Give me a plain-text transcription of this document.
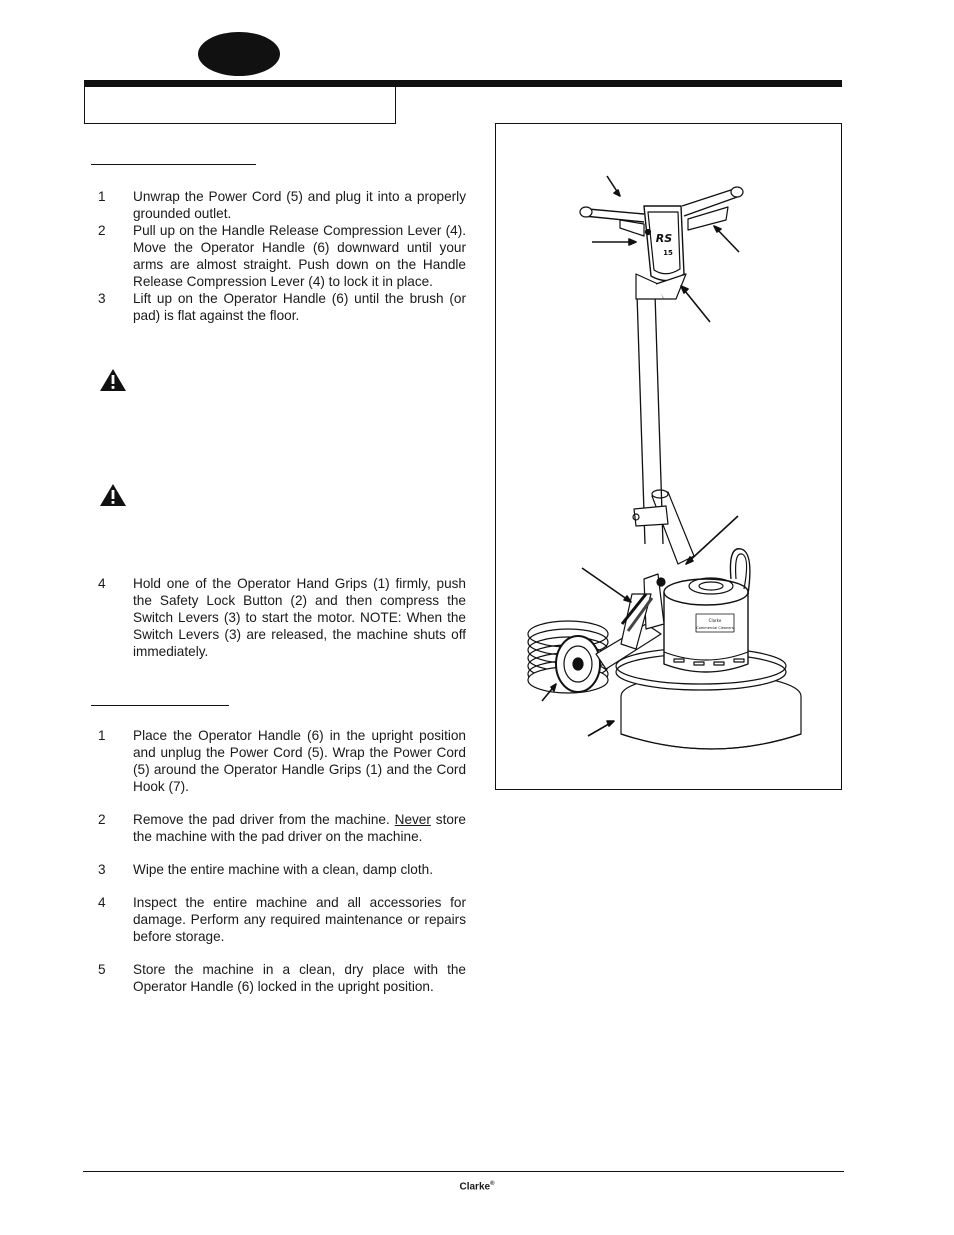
1	Unwrap the Power Cord (5) and plug it into a properly grounded outlet.
2	Pull up on the Handle Release Compression Lever (4). Move the Operator Handle (6) downward until your arms are almost straight. Push down on the Handle Release Compression Lever (4) to lock it in place.
3	Lift up on the Operator Handle (6) until the brush (or pad) is flat against the floor.
4	Hold one of the Operator Hand Grips (1) firmly, push the Safety Lock Button (2) and then compress the Switch Levers (3) to start the motor. NOTE: When the Switch Levers (3) are released, the machine shuts off immediately.
1	Place the Operator Handle (6) in the upright position and unplug the Power Cord (5). Wrap the Power Cord (5) around the Operator Handle Grips (1) and the Cord Hook (7).
2	Remove the pad driver from the machine. Never store the machine with the pad driver on the machine.
3	Wipe the entire machine with a clean, damp cloth.
4	Inspect the entire machine and all accessories for damage. Perform any required maintenance or repairs before storage.
5	Store the machine in a clean, dry place with the Operator Handle (6) locked in the upright position.
RS
15
Clarke
Commercial Cleaners
Clarke®
